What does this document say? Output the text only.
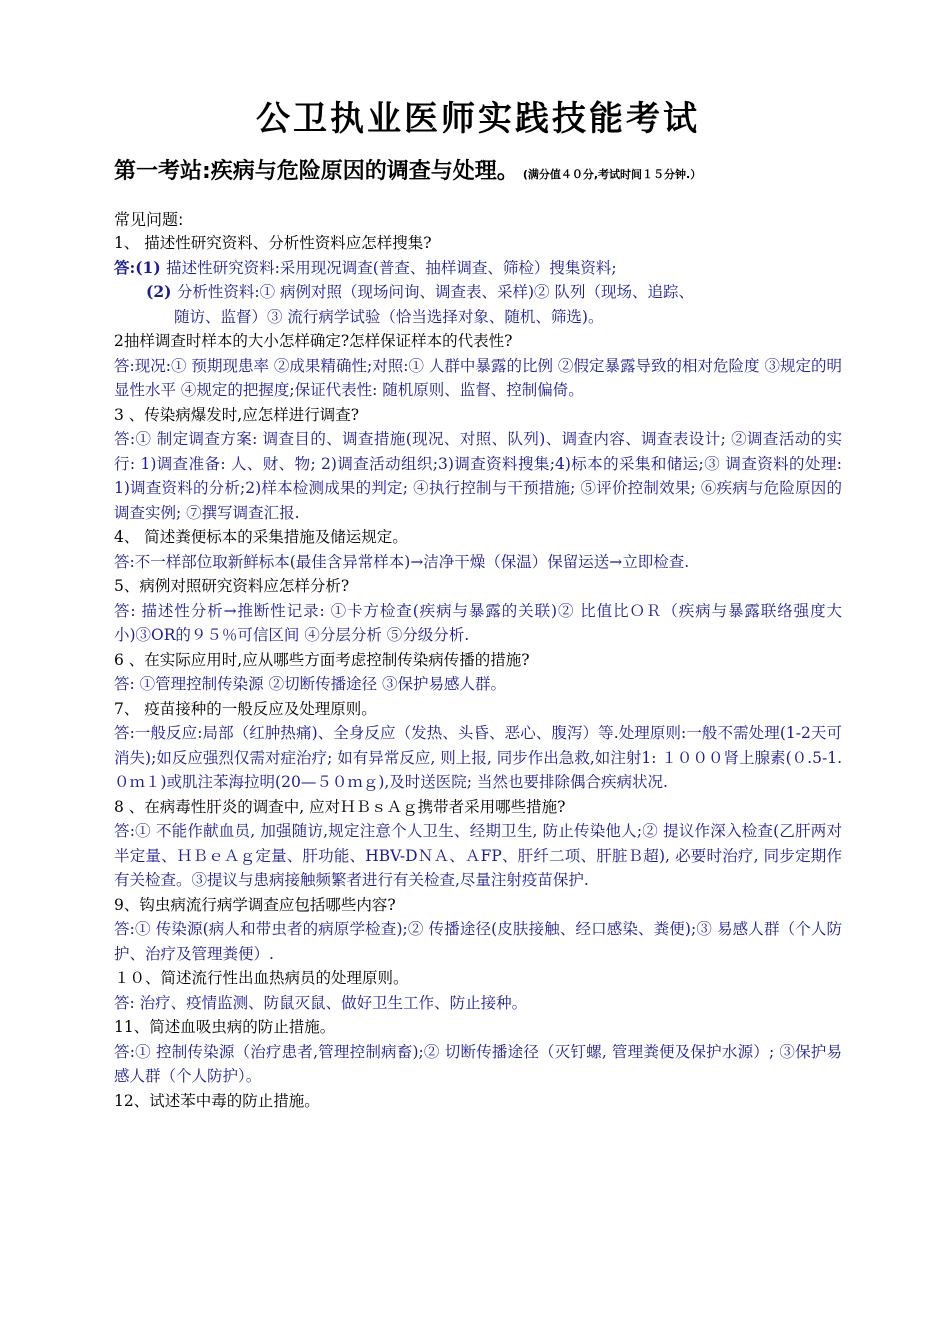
公卫执业医师实践技能考试
第一考站:疾病与危险原因的调查与处理。 (满分值４０分,考试时间１５分钟.）

常见问题:

1、 描述性研究资料、分析性资料应怎样搜集?

答:(1) 描述性研究资料:采用现况调查(普查、抽样调查、筛检）搜集资料;
(2) 分析性资料:① 病例对照（现场问询、调查表、采样)② 队列（现场、追踪、
随访、监督）③ 流行病学试验（恰当选择对象、随机、筛选)。

2抽样调查时样本的大小怎样确定?怎样保证样本的代表性?

答:现况:① 预期现患率 ②成果精确性;对照:① 人群中暴露的比例 ②假定暴露导致的相对危险度 ③规定的明显性水平 ④规定的把握度;保证代表性: 随机原则、监督、控制偏倚。

3 、传染病爆发时,应怎样进行调查?

答:① 制定调查方案: 调查目的、调查措施(现况、对照、队列)、调查内容、调查表设计; ②调查活动的实行: 1)调查准备: 人、财、物; 2)调查活动组织;3)调查资料搜集;4)标本的采集和储运;③ 调查资料的处理: 1)调查资料的分析;2)样本检测成果的判定; ④执行控制与干预措施; ⑤评价控制效果; ⑥疾病与危险原因的调查实例; ⑦撰写调查汇报.

4、 简述粪便标本的采集措施及储运规定。

答:不一样部位取新鲜标本(最佳含异常样本)→洁净干燥（保温）保留运送→立即检查.

5、病例对照研究资料应怎样分析?

答: 描述性分析→推断性记录: ①卡方检查(疾病与暴露的关联)② 比值比ＯＲ（疾病与暴露联络强度大小)③OR的９５％可信区间 ④分层分析 ⑤分级分析.

6 、在实际应用时,应从哪些方面考虑控制传染病传播的措施?

答: ①管理控制传染源 ②切断传播途径 ③保护易感人群。

7、 疫苗接种的一般反应及处理原则。

答:一般反应:局部（红肿热痛)、全身反应（发热、头昏、恶心、腹泻）等.处理原则:一般不需处理(1-2天可消失);如反应强烈仅需对症治疗; 如有异常反应, 则上报, 同步作出急救,如注射1: １０００肾上腺素(０.5-1.０ｍ１)或肌注苯海拉明(20—５０ｍｇ),及时送医院; 当然也要排除偶合疾病状况.

8 、在病毒性肝炎的调查中, 应对ＨＢｓＡｇ携带者采用哪些措施?

答:① 不能作献血员, 加强随访,规定注意个人卫生、经期卫生, 防止传染他人;② 提议作深入检查(乙肝两对半定量、ＨＢｅＡｇ定量、肝功能、HBV-DＮＡ、ＡFP、肝纤二项、肝脏Ｂ超), 必要时治疗, 同步定期作有关检查。③提议与患病接触频繁者进行有关检查,尽量注射疫苗保护.

9、钩虫病流行病学调查应包括哪些内容?

答:① 传染源(病人和带虫者的病原学检查);② 传播途径(皮肤接触、经口感染、粪便);③ 易感人群（个人防护、治疗及管理粪便）.

１０、简述流行性出血热病员的处理原则。

答: 治疗、疫情监测、防鼠灭鼠、做好卫生工作、防止接种。

11、简述血吸虫病的防止措施。

答:① 控制传染源（治疗患者,管理控制病畜);② 切断传播途径（灭钉螺, 管理粪便及保护水源）; ③保护易感人群（个人防护）。

12、试述苯中毒的防止措施。
